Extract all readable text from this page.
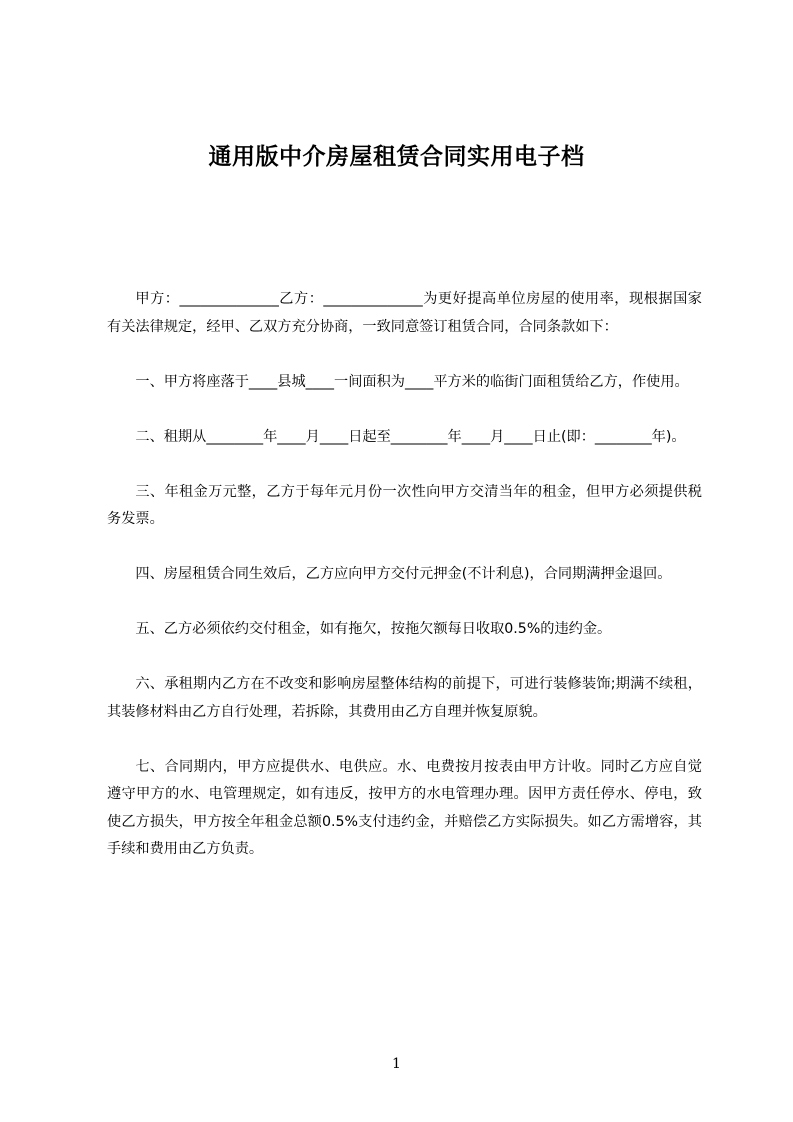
通用版中介房屋租赁合同实用电子档

甲方：______________乙方：______________为更好提高单位房屋的使用率，现根据国家有关法律规定，经甲、乙双方充分协商，一致同意签订租赁合同，合同条款如下：

一、甲方将座落于____县城____一间面积为____平方米的临街门面租赁给乙方，作使用。

二、租期从________年____月____日起至________年____月____日止(即：________年)。

三、年租金万元整，乙方于每年元月份一次性向甲方交清当年的租金，但甲方必须提供税务发票。

四、房屋租赁合同生效后，乙方应向甲方交付元押金(不计利息)，合同期满押金退回。

五、乙方必须依约交付租金，如有拖欠，按拖欠额每日收取0.5%的违约金。

六、承租期内乙方在不改变和影响房屋整体结构的前提下，可进行装修装饰;期满不续租，其装修材料由乙方自行处理，若拆除，其费用由乙方自理并恢复原貌。

七、合同期内，甲方应提供水、电供应。水、电费按月按表由甲方计收。同时乙方应自觉遵守甲方的水、电管理规定，如有违反，按甲方的水电管理办理。因甲方责任停水、停电，致使乙方损失，甲方按全年租金总额0.5%支付违约金，并赔偿乙方实际损失。如乙方需增容，其手续和费用由乙方负责。

1
